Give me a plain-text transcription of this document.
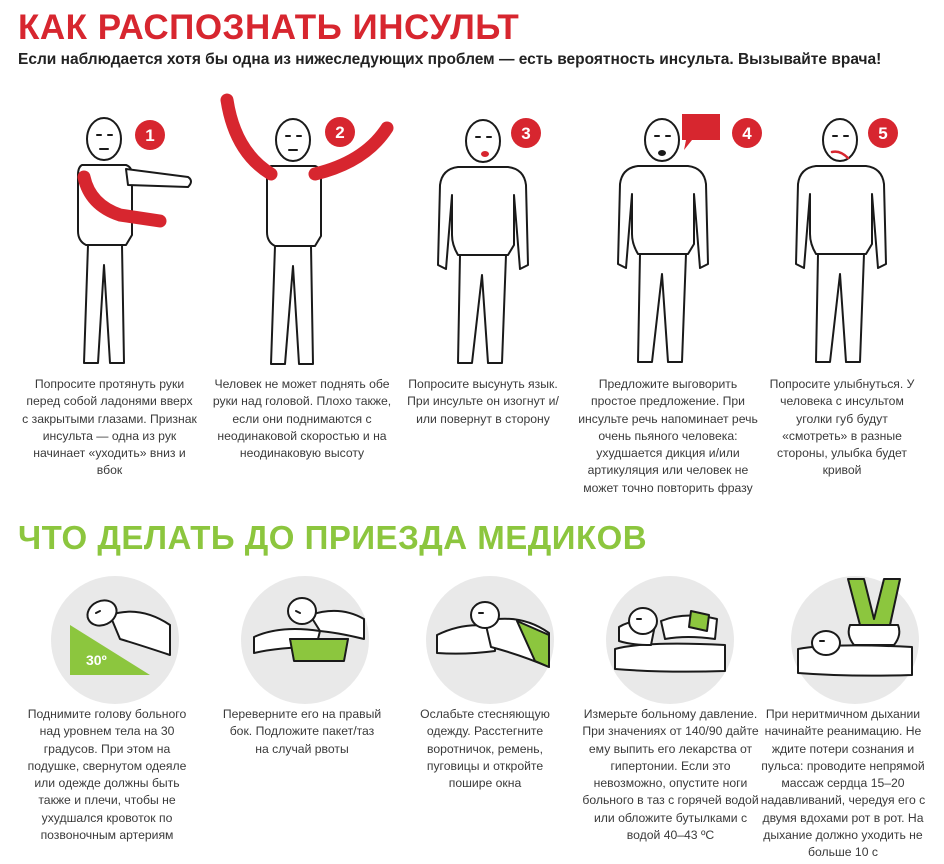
КАК РАСПОЗНАТЬ ИНСУЛЬТ

Если наблюдается хотя бы одна из нижеследующих проблем — есть вероятность инсульта. Вызывайте врача!

1

Попросите протянуть руки перед собой ладонями вверх с закрытыми глазами. Признак инсульта — одна из рук начинает «уходить» вниз и вбок

2

Человек не может поднять обе руки над головой. Плохо также, если они поднимаются с неодинаковой скоростью и на неодинаковую высоту

3

Попросите высунуть язык. При инсульте он изогнут и/или повернут в сторону

4

Предложите выговорить простое предложение. При инсульте речь напоминает речь очень пьяного человека: ухудшается дикция и/или артикуляция или человек не может точно повторить фразу

5

Попросите улыбнуться. У человека с инсультом уголки губ будут «смотреть» в разные стороны, улыбка будет кривой

ЧТО ДЕЛАТЬ ДО ПРИЕЗДА МЕДИКОВ
30º

Поднимите голову больного над уровнем тела на 30 градусов. При этом на подушке, свернутом одеяле или одежде должны быть также и плечи, чтобы не ухудшался кровоток по позвоночным артериям

Переверните его на правый бок. Подложите пакет/таз на случай рвоты

Ослабьте стесняющую одежду. Расстегните воротничок, ремень, пуговицы и откройте пошире окна

Измерьте больному давление. При значениях от 140/90 дайте ему выпить его лекарства от гипертонии. Если это невозможно, опустите ноги больного в таз с горячей водой или обложите бутылками с водой 40–43 ºС

При неритмичном дыхании начинайте реанимацию. Не ждите потери сознания и пульса: проводите непрямой массаж сердца 15–20 надавливаний, чередуя его с двумя вдохами рот в рот. На дыхание должно уходить не больше 10 с
